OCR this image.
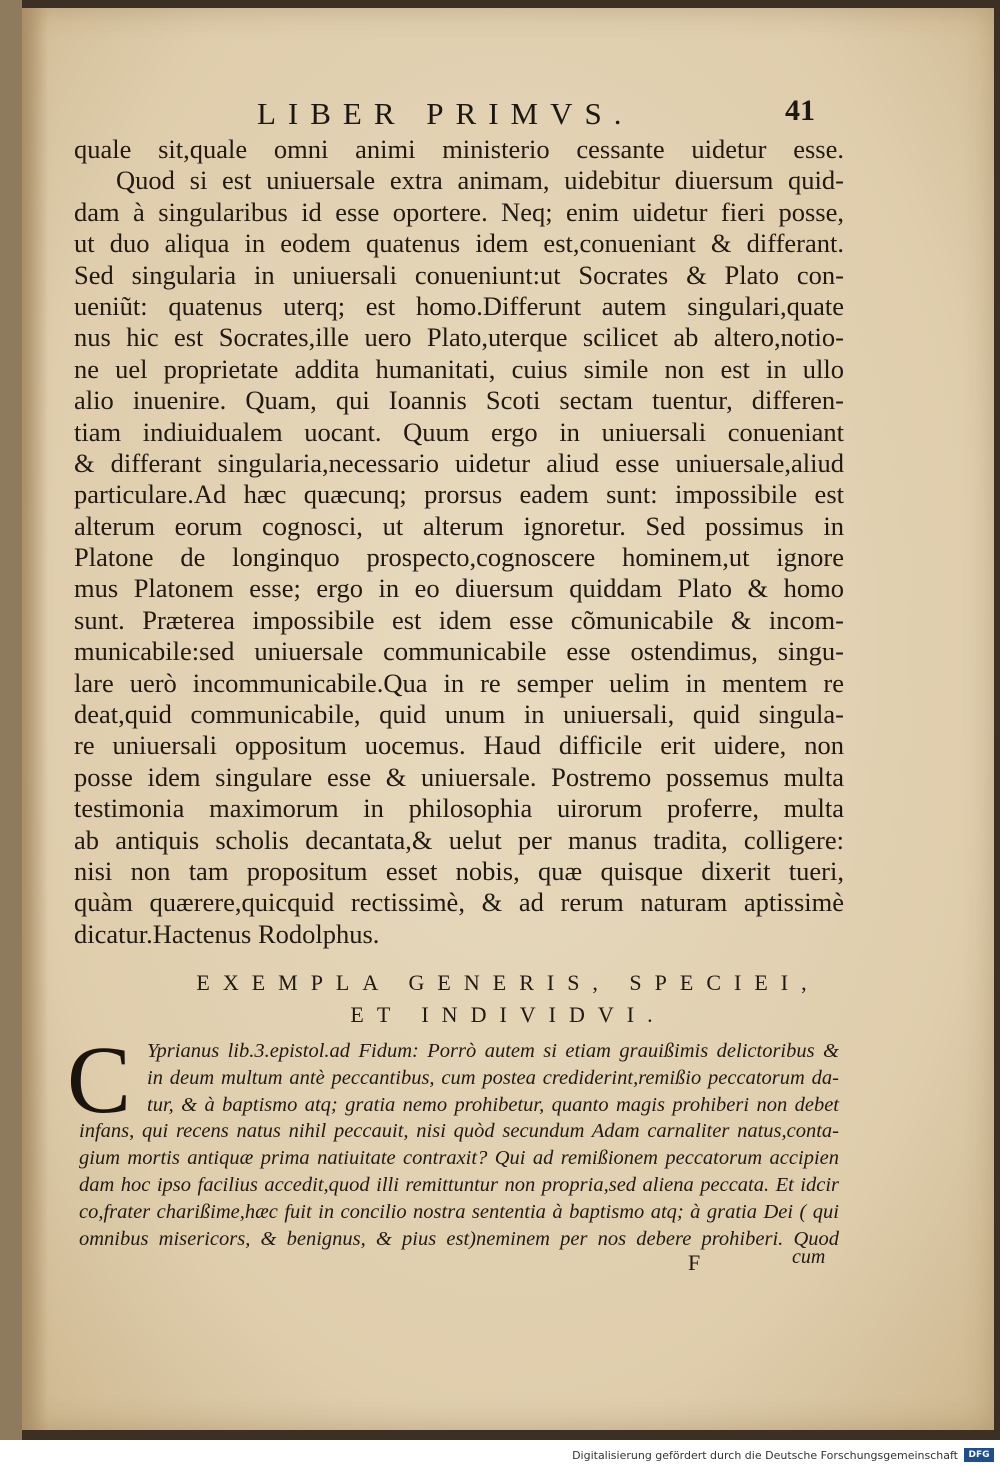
LIBER PRIMVS.	41
quale sit,quale omni animi ministerio cessante uidetur esse.
Quod si est uniuersale extra animam, uidebitur diuersum quid-
dam à singularibus id esse oportere. Neq; enim uidetur fieri posse,
ut duo aliqua in eodem quatenus idem est,conueniant & differant.
Sed singularia in uniuersali conueniunt:ut Socrates & Plato con-
ueniũt: quatenus uterq; est homo.Differunt autem singulari,quate
nus hic est Socrates,ille uero Plato,uterque scilicet ab altero,notio-
ne uel proprietate addita humanitati, cuius simile non est in ullo
alio inuenire. Quam, qui Ioannis Scoti sectam tuentur, differen-
tiam indiuidualem uocant. Quum ergo in uniuersali conueniant
& differant singularia,necessario uidetur aliud esse uniuersale,aliud
particulare.Ad hæc quæcunq; prorsus eadem sunt: impossibile est
alterum eorum cognosci, ut alterum ignoretur. Sed possimus in
Platone de longinquo prospecto,cognoscere hominem,ut ignore
mus Platonem esse; ergo in eo diuersum quiddam Plato & homo
sunt. Præterea impossibile est idem esse cõmunicabile & incom-
municabile:sed uniuersale communicabile esse ostendimus, singu-
lare uerò incommunicabile.Qua in re semper uelim in mentem re
deat,quid communicabile, quid unum in uniuersali, quid singula-
re uniuersali oppositum uocemus. Haud difficile erit uidere, non
posse idem singulare esse & uniuersale. Postremo possemus multa
testimonia maximorum in philosophia uirorum proferre, multa
ab antiquis scholis decantata,& uelut per manus tradita, colligere:
nisi non tam propositum esset nobis, quæ quisque dixerit tueri,
quàm quærere,quicquid rectissimè, & ad rerum naturam aptissimè
dicatur.Hactenus Rodolphus.
EXEMPLA GENERIS, SPECIEI,
ET INDIVIDVI.
C Yprianus lib.3.epistol.ad Fidum: Porrò autem si etiam grauißimis delictoribus &
in deum multum antè peccantibus, cum postea crediderint,remißio peccatorum da-
tur, & à baptismo atq; gratia nemo prohibetur, quanto magis prohiberi non debet
infans, qui recens natus nihil peccauit, nisi quòd secundum Adam carnaliter natus,conta-
gium mortis antiquæ prima natiuitate contraxit? Qui ad remißionem peccatorum accipien
dam hoc ipso facilius accedit,quod illi remittuntur non propria,sed aliena peccata. Et idcir
co,frater charißime,hæc fuit in concilio nostra sententia à baptismo atq; à gratia Dei ( qui
omnibus misericors, & benignus, & pius est)neminem per nos debere prohiberi. Quod
F	cum
Digitalisierung gefördert durch die Deutsche Forschungsgemeinschaft	DFG
